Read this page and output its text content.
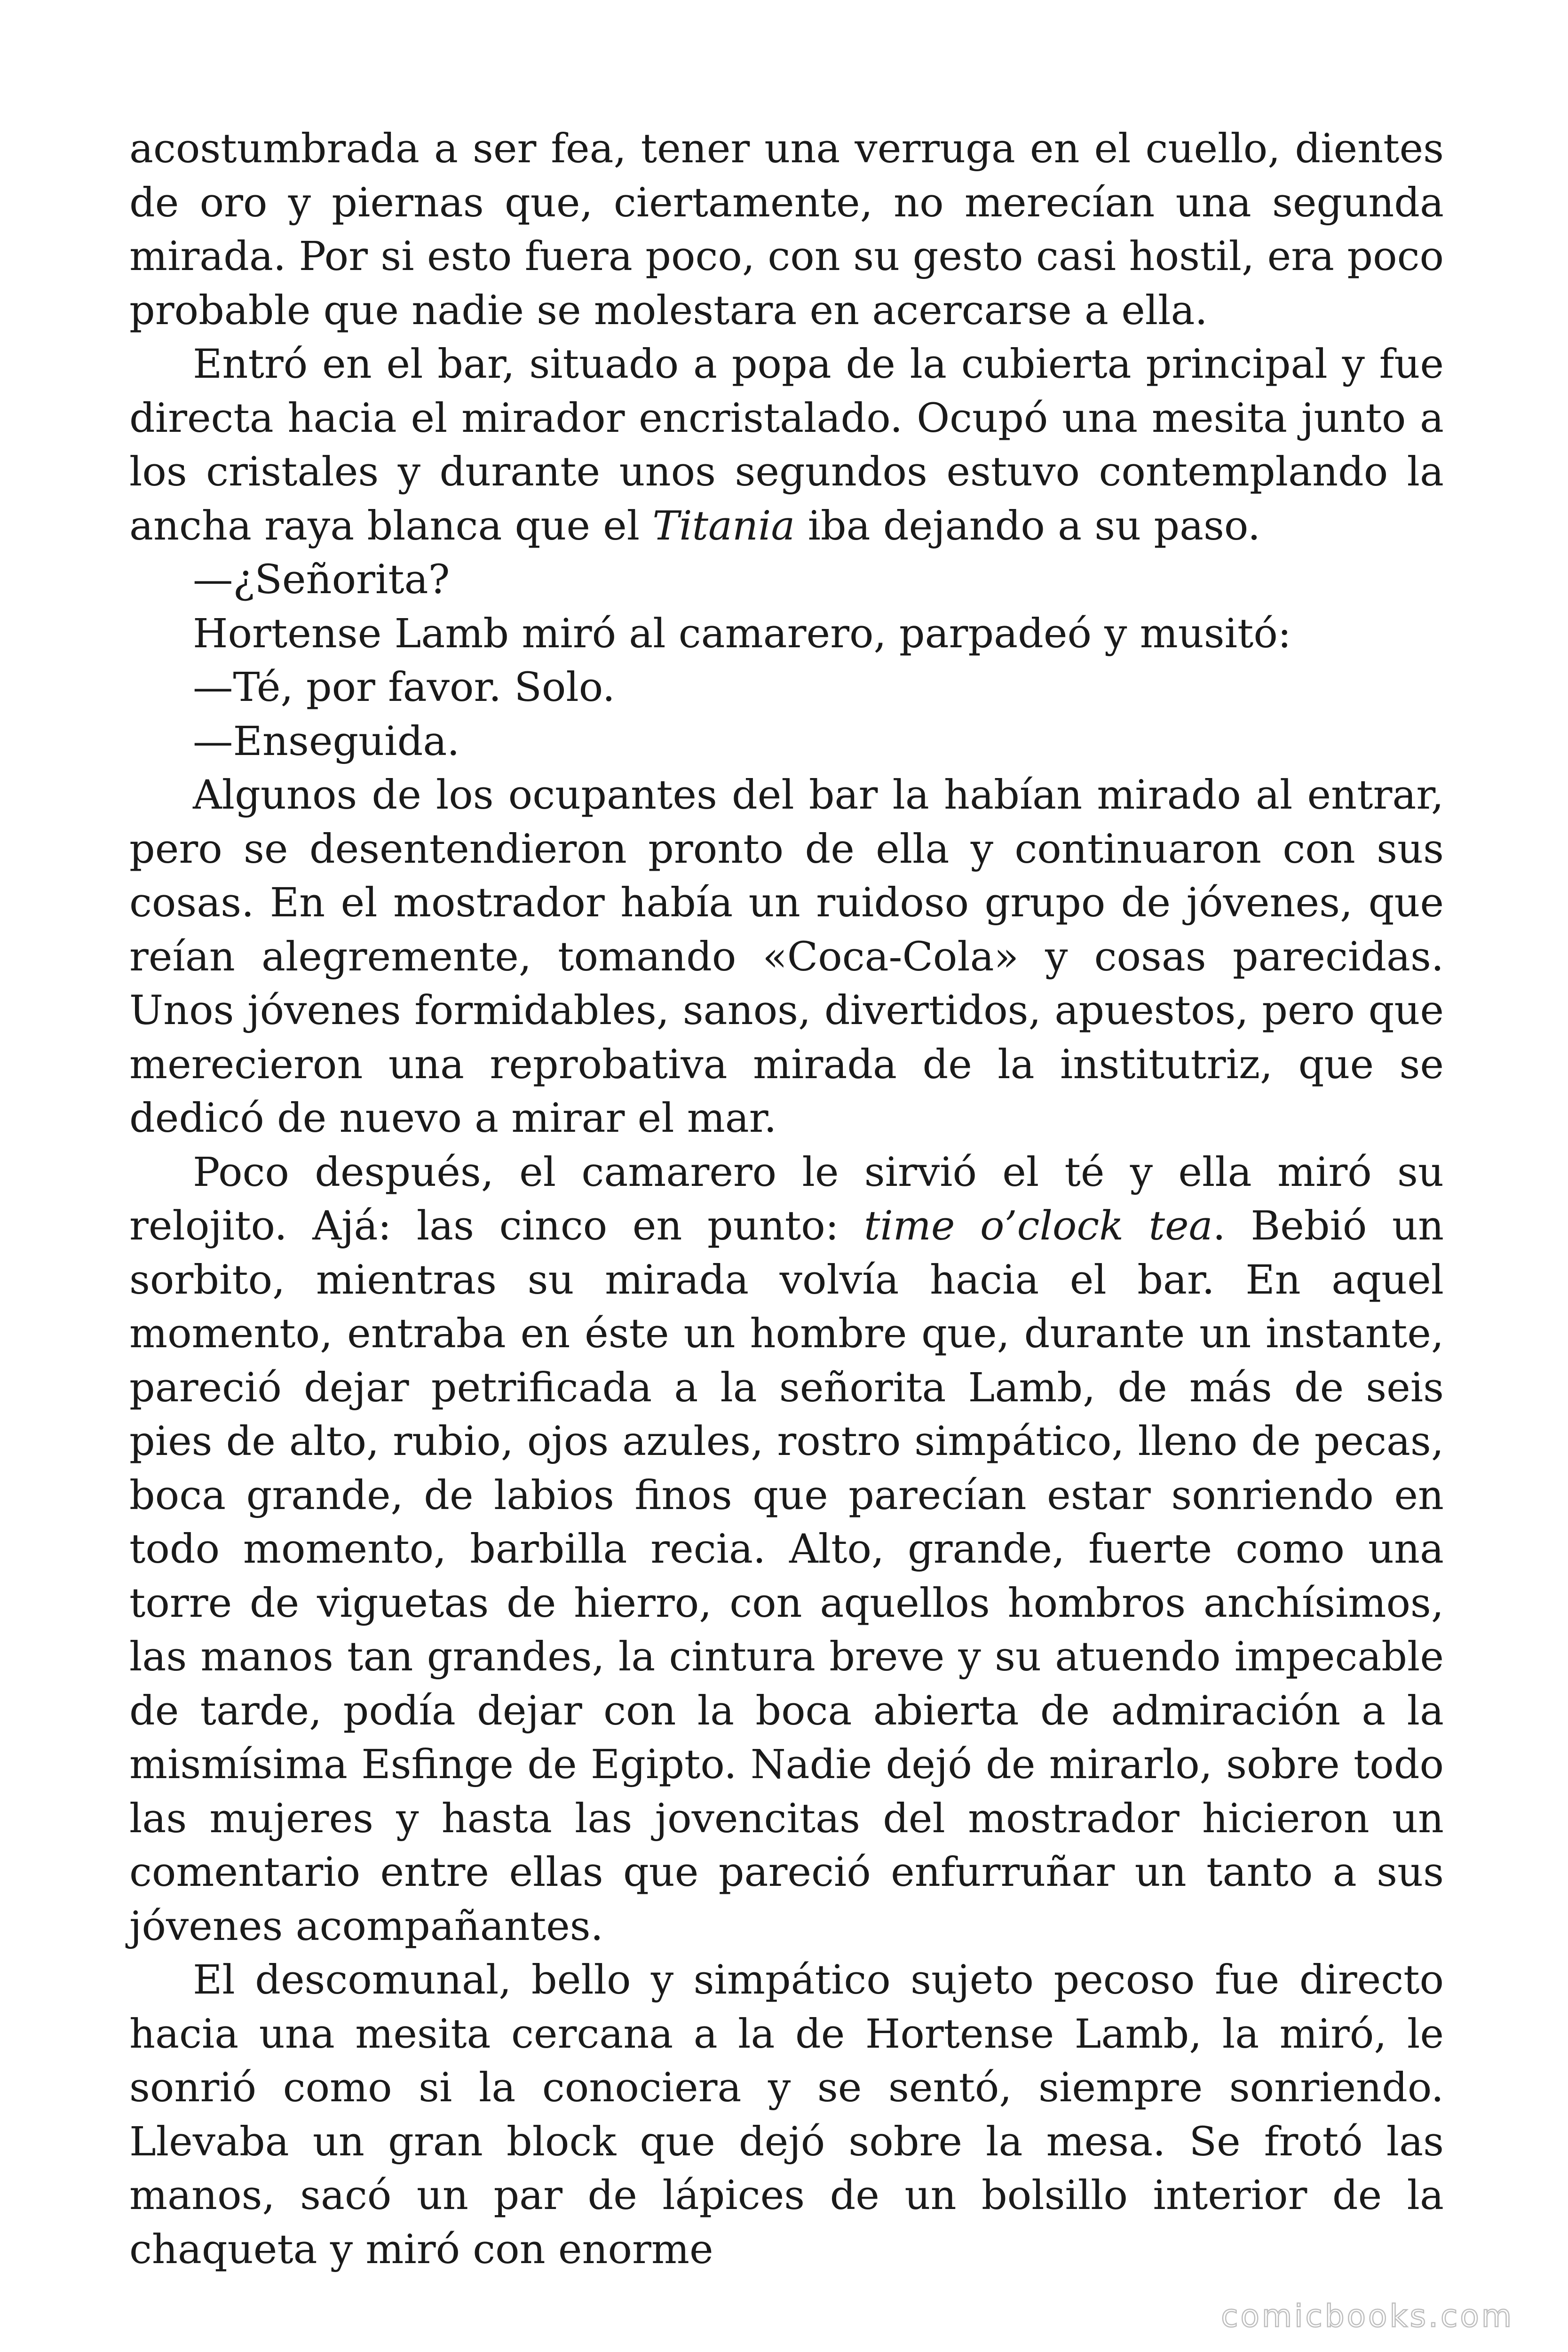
acostumbrada a ser fea, tener una verruga en el cuello, dientes de oro y piernas que, ciertamente, no merecían una segunda mirada. Por si esto fuera poco, con su gesto casi hostil, era poco probable que nadie se molestara en acercarse a ella.

Entró en el bar, situado a popa de la cubierta principal y fue directa hacia el mirador encristalado. Ocupó una mesita junto a los cristales y durante unos segundos estuvo contemplando la ancha raya blanca que el Titania iba dejando a su paso.

—¿Señorita?

Hortense Lamb miró al camarero, parpadeó y musitó:

—Té, por favor. Solo.

—Enseguida.

Algunos de los ocupantes del bar la habían mirado al entrar, pero se desentendieron pronto de ella y continuaron con sus cosas. En el mostrador había un ruidoso grupo de jóvenes, que reían alegremente, tomando «Coca-Cola» y cosas parecidas. Unos jóvenes formidables, sanos, divertidos, apuestos, pero que merecieron una reprobativa mirada de la institutriz, que se dedicó de nuevo a mirar el mar.

Poco después, el camarero le sirvió el té y ella miró su relojito. Ajá: las cinco en punto: time o’clock tea. Bebió un sorbito, mientras su mirada volvía hacia el bar. En aquel momento, entraba en éste un hombre que, durante un instante, pareció dejar petrificada a la señorita Lamb, de más de seis pies de alto, rubio, ojos azules, rostro simpático, lleno de pecas, boca grande, de labios finos que parecían estar sonriendo en todo momento, barbilla recia. Alto, grande, fuerte como una torre de viguetas de hierro, con aquellos hombros anchísimos, las manos tan grandes, la cintura breve y su atuendo impecable de tarde, podía dejar con la boca abierta de admiración a la mismísima Esfinge de Egipto. Nadie dejó de mirarlo, sobre todo las mujeres y hasta las jovencitas del mostrador hicieron un comentario entre ellas que pareció enfurruñar un tanto a sus jóvenes acompañantes.

El descomunal, bello y simpático sujeto pecoso fue directo hacia una mesita cercana a la de Hortense Lamb, la miró, le sonrió como si la conociera y se sentó, siempre sonriendo. Llevaba un gran block que dejó sobre la mesa. Se frotó las manos, sacó un par de lápices de un bolsillo interior de la chaqueta y miró con enorme

comicbooks.com
